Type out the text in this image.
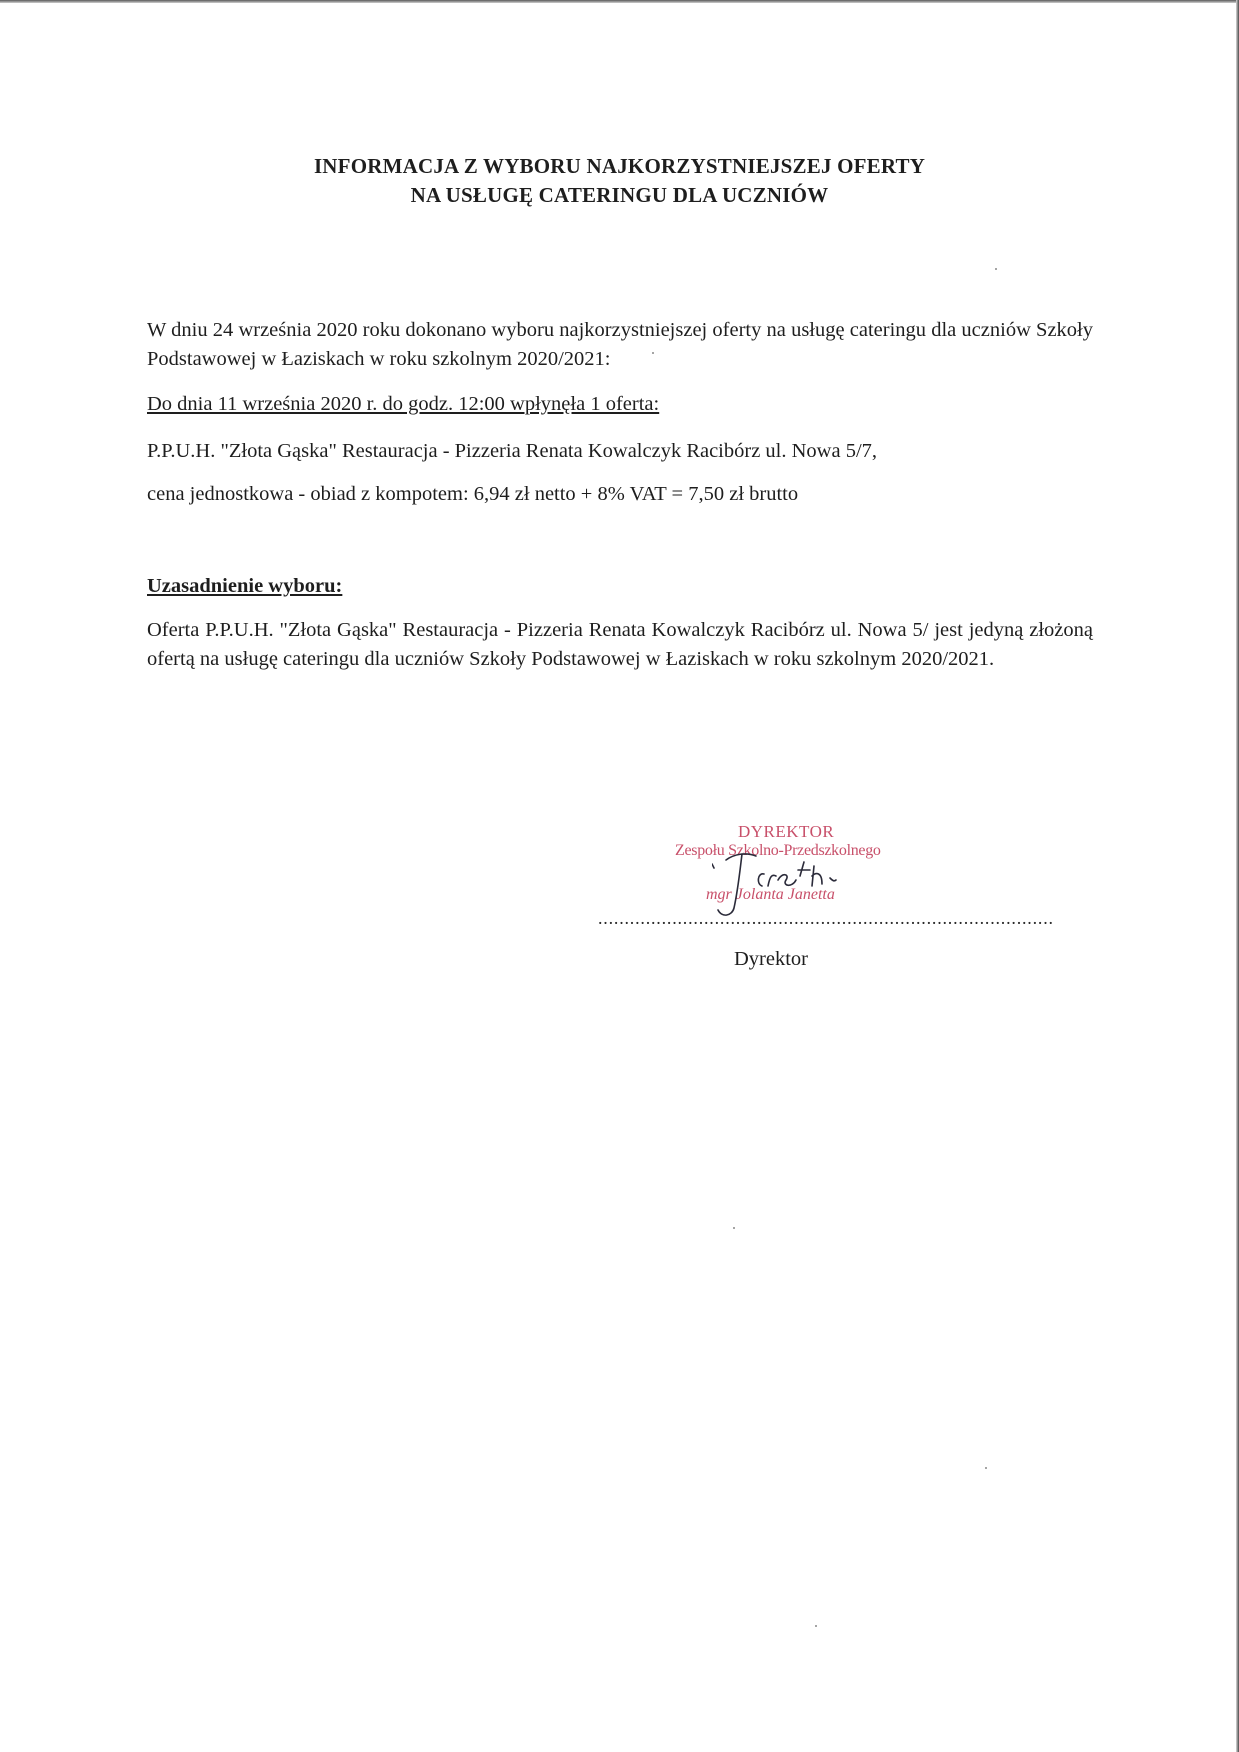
INFORMACJA Z WYBORU NAJKORZYSTNIEJSZEJ OFERTY
NA USŁUGĘ CATERINGU DLA UCZNIÓW
W dniu 24 września 2020 roku dokonano wyboru najkorzystniejszej oferty na usługę cateringu dla uczniów Szkoły Podstawowej w Łaziskach w roku szkolnym 2020/2021:
Do dnia 11 września 2020 r. do godz. 12:00 wpłynęła 1 oferta:
P.P.U.H. "Złota Gąska" Restauracja - Pizzeria Renata Kowalczyk Racibórz ul. Nowa 5/7,
cena jednostkowa - obiad z kompotem: 6,94 zł netto + 8% VAT = 7,50 zł brutto
Uzasadnienie wyboru:
Oferta P.P.U.H. "Złota Gąska" Restauracja - Pizzeria Renata Kowalczyk Racibórz ul. Nowa 5/ jest jedyną złożoną ofertą na usługę cateringu dla uczniów Szkoły Podstawowej w Łaziskach w roku szkolnym 2020/2021.
DYREKTOR
Zespołu Szkolno-Przedszkolnego
mgr Jolanta Janetta
......................................................................................
Dyrektor
